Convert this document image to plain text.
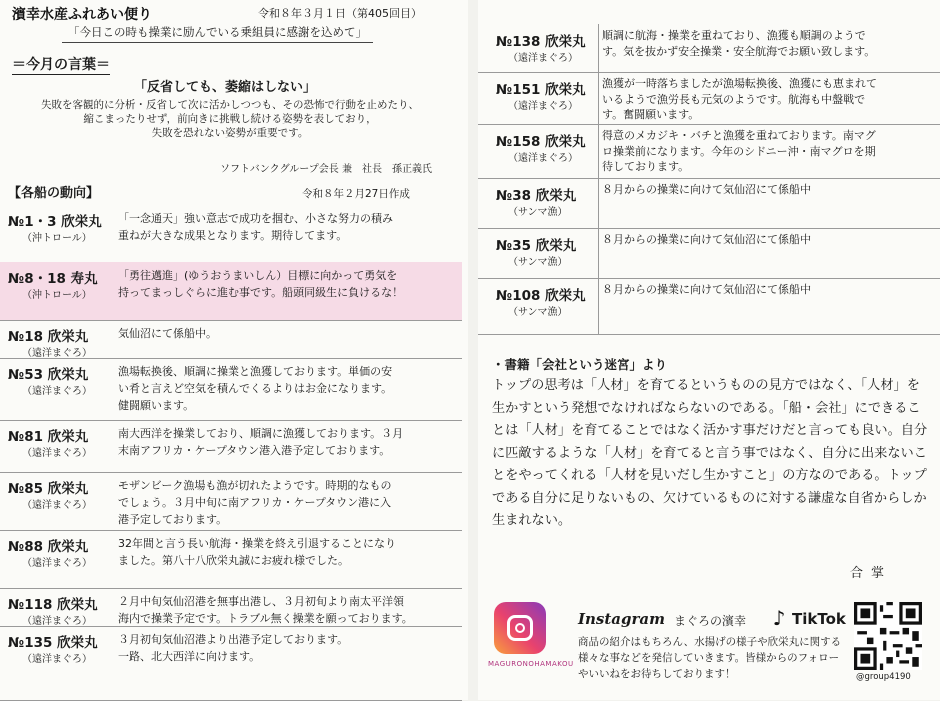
濱幸水産ふれあい便り	令和８年３月１日（第405回目）
「今日この時も操業に励んでいる乗組員に感謝を込めて」
＝今月の言葉＝
「反省しても、萎縮はしない」
失敗を客観的に分析・反省して次に活かしつつも、その恐怖で行動を止めたり、
縮こまったりせず，前向きに挑戦し続ける姿勢を表しており，
失敗を恐れない姿勢が重要です。
ソフトバンクグループ会長 兼　社長　孫正義氏
【各船の動向】	令和８年２月27日作成
№1・3 欣栄丸
（沖トロール）
「一念通天」強い意志で成功を掴む、小さな努力の積み
重ねが大きな成果となります。期待してます。
№8・18 寿丸
（沖トロール）
「勇往邁進」(ゆうおうまいしん）目標に向かって勇気を
持ってまっしぐらに進む事です。船頭同級生に負けるな！
№18 欣栄丸
（遠洋まぐろ）
気仙沼にて係船中。
№53 欣栄丸
（遠洋まぐろ）
漁場転換後、順調に操業と漁獲しております。単価の安
い肴と言えど空気を積んでくるよりはお金になります。
健闘願います。
№81 欣栄丸
（遠洋まぐろ）
南大西洋を操業しており、順調に漁獲しております。３月
末南アフリカ・ケープタウン港入港予定しております。
№85 欣栄丸
（遠洋まぐろ）
モザンビーク漁場も漁が切れたようです。時期的なもの
でしょう。３月中旬に南アフリカ・ケープタウン港に入
港予定しております。
№88 欣栄丸
（遠洋まぐろ）
32年間と言う長い航海・操業を終え引退することになり
ました。第八十八欣栄丸誠にお疲れ様でした。
№118 欣栄丸
（遠洋まぐろ）
２月中旬気仙沼港を無事出港し、３月初旬より南太平洋領
海内で操業予定です。トラブル無く操業を願っております。
№135 欣栄丸
（遠洋まぐろ）
３月初旬気仙沼港より出港予定しております。
一路、北大西洋に向けます。
№138 欣栄丸
（遠洋まぐろ）
順調に航海・操業を重ねており、漁獲も順調のようで
す。気を抜かず安全操業・安全航海でお願い致します。
№151 欣栄丸
（遠洋まぐろ）
漁獲が一時落ちましたが漁場転換後、漁獲にも恵まれて
いるようで漁労長も元気のようです。航海も中盤戦で
す。奮闘願います。
№158 欣栄丸
（遠洋まぐろ）
得意のメカジキ・バチと漁獲を重ねております。南マグ
ロ操業前になります。今年のシドニー沖・南マグロを期
待しております。
№38 欣栄丸
（サンマ漁）
８月からの操業に向けて気仙沼にて係船中
№35 欣栄丸
（サンマ漁）
８月からの操業に向けて気仙沼にて係船中
№108 欣栄丸
（サンマ漁）
８月からの操業に向けて気仙沼にて係船中
・書籍「会社という迷宮」より
トップの思考は「人材」を育てるというものの見方ではなく、「人材」を生かすという発想でなければならないのである。「船・会社」にできることは「人材」を育てることではなく活かす事だけだと言っても良い。自分に匹敵するような「人材」を育てると言う事ではなく、自分に出来ないことをやってくれる「人材を見いだし生かすこと」の方なのである。トップである自分に足りないもの、欠けているものに対する謙虚な自省からしか生まれない。
合掌
MAGURONOHAMAKOU
Instagram まぐろの濱幸 ♪ TikTok
商品の紹介はもちろん、水揚げの様子や欣栄丸に関する様々な事などを発信していきます。皆様からのフォローやいいねをお待ちしております！	@group4190
